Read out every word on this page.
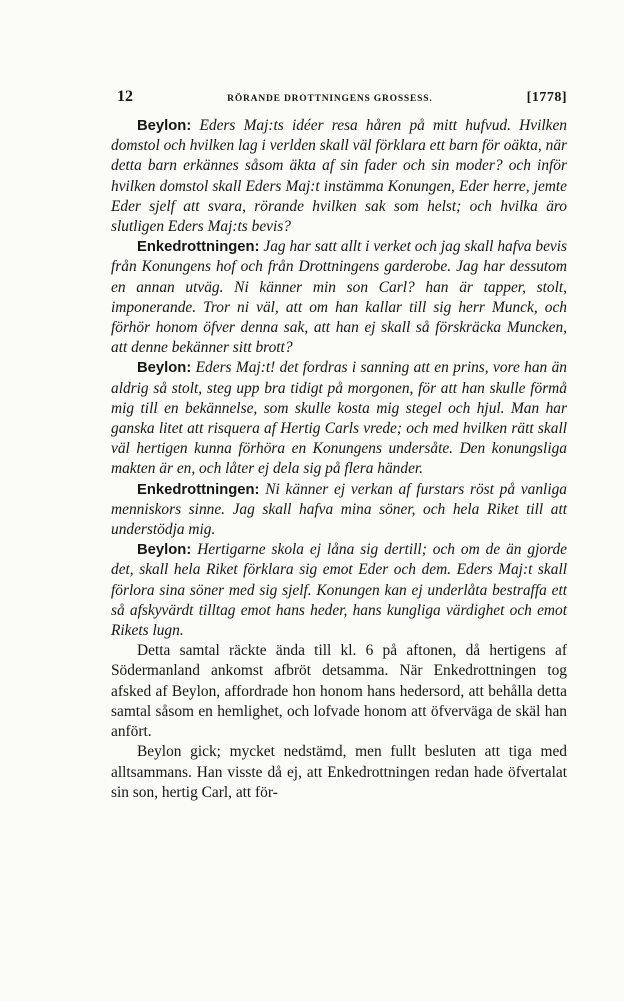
12	RÖRANDE DROTTNINGENS GROSSESS.	[1778]

Beylon: Eders Maj:ts idéer resa håren på mitt hufvud. Hvilken domstol och hvilken lag i verlden skall väl förklara ett barn för oäkta, när detta barn erkännes såsom äkta af sin fader och sin moder? och inför hvilken domstol skall Eders Maj:t instämma Konungen, Eder herre, jemte Eder sjelf att svara, rörande hvilken sak som helst; och hvilka äro slutligen Eders Maj:ts bevis?

Enkedrottningen: Jag har satt allt i verket och jag skall hafva bevis från Konungens hof och från Drottningens garderobe. Jag har dessutom en annan utväg. Ni känner min son Carl? han är tapper, stolt, imponerande. Tror ni väl, att om han kallar till sig herr Munck, och förhör honom öfver denna sak, att han ej skall så förskräcka Muncken, att denne bekänner sitt brott?

Beylon: Eders Maj:t! det fordras i sanning att en prins, vore han än aldrig så stolt, steg upp bra tidigt på morgonen, för att han skulle förmå mig till en bekännelse, som skulle kosta mig stegel och hjul. Man har ganska litet att risquera af Hertig Carls vrede; och med hvilken rätt skall väl hertigen kunna förhöra en Konungens undersåte. Den konungsliga makten är en, och låter ej dela sig på flera händer.

Enkedrottningen: Ni känner ej verkan af furstars röst på vanliga menniskors sinne. Jag skall hafva mina söner, och hela Riket till att understödja mig.

Beylon: Hertigarne skola ej låna sig dertill; och om de än gjorde det, skall hela Riket förklara sig emot Eder och dem. Eders Maj:t skall förlora sina söner med sig sjelf. Konungen kan ej underlåta bestraffa ett så afskyvärdt tilltag emot hans heder, hans kungliga värdighet och emot Rikets lugn.

Detta samtal räckte ända till kl. 6 på aftonen, då hertigens af Södermanland ankomst afbröt detsamma. När Enkedrottningen tog afsked af Beylon, affordrade hon honom hans hedersord, att behålla detta samtal såsom en hemlighet, och lofvade honom att öfverväga de skäl han anfört.

Beylon gick; mycket nedstämd, men fullt besluten att tiga med alltsammans. Han visste då ej, att Enkedrottningen redan hade öfvertalat sin son, hertig Carl, att för-
